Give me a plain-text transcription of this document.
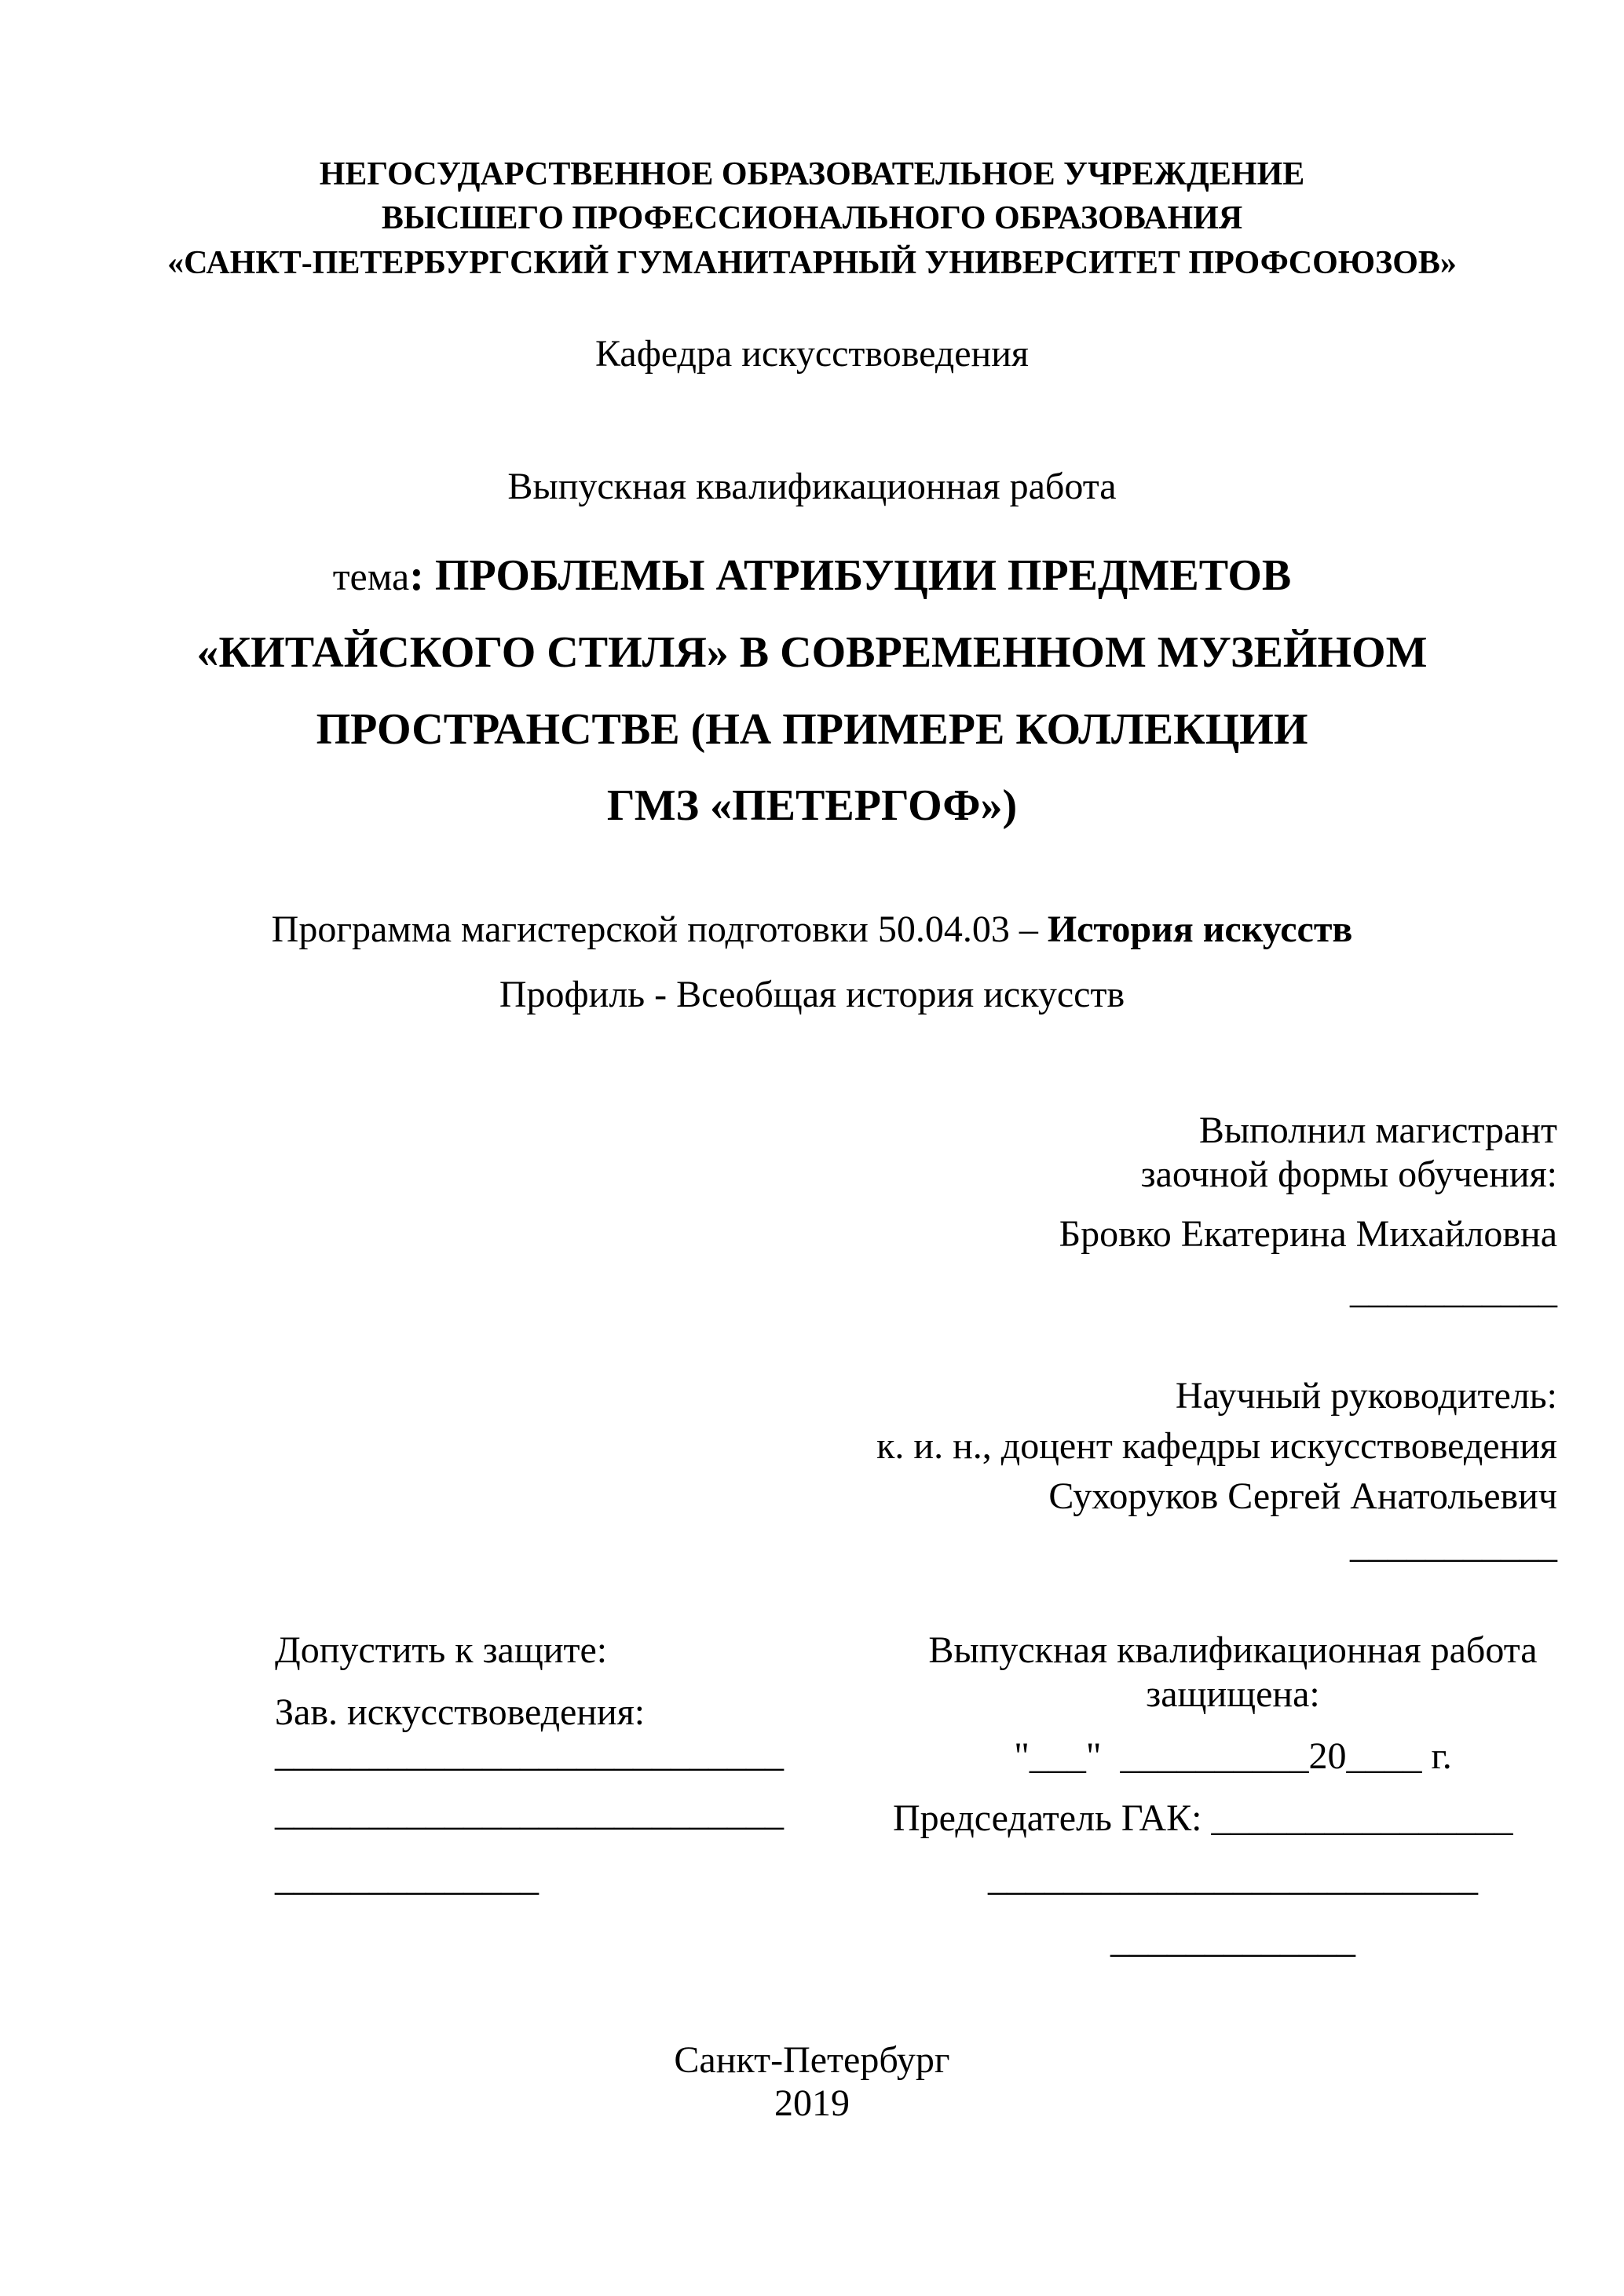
НЕГОСУДАРСТВЕННОЕ ОБРАЗОВАТЕЛЬНОЕ УЧРЕЖДЕНИЕ
ВЫСШЕГО ПРОФЕССИОНАЛЬНОГО ОБРАЗОВАНИЯ
«САНКТ-ПЕТЕРБУРГСКИЙ ГУМАНИТАРНЫЙ УНИВЕРСИТЕТ ПРОФСОЮЗОВ»
Кафедра искусствоведения
Выпускная квалификационная работа
тема: ПРОБЛЕМЫ АТРИБУЦИИ ПРЕДМЕТОВ
«КИТАЙСКОГО СТИЛЯ» В СОВРЕМЕННОМ МУЗЕЙНОМ
ПРОСТРАНСТВЕ (НА ПРИМЕРЕ КОЛЛЕКЦИИ
ГМЗ «ПЕТЕРГОФ»)
Программа магистерской подготовки 50.04.03 – История искусств
Профиль - Всеобщая история искусств
Выполнил магистрант
заочной формы обучения:
Бровко Екатерина Михайловна
___________
Научный руководитель:
к. и. н., доцент кафедры искусствоведения
Сухоруков Сергей Анатольевич
___________
Допустить к защите:
Зав. искусствоведения:
___________________________
___________________________
______________
Выпускная квалификационная работа
защищена:
"___"  __________20____ г.
Председатель ГАК: ________________
__________________________
_____________
Санкт-Петербург
2019
